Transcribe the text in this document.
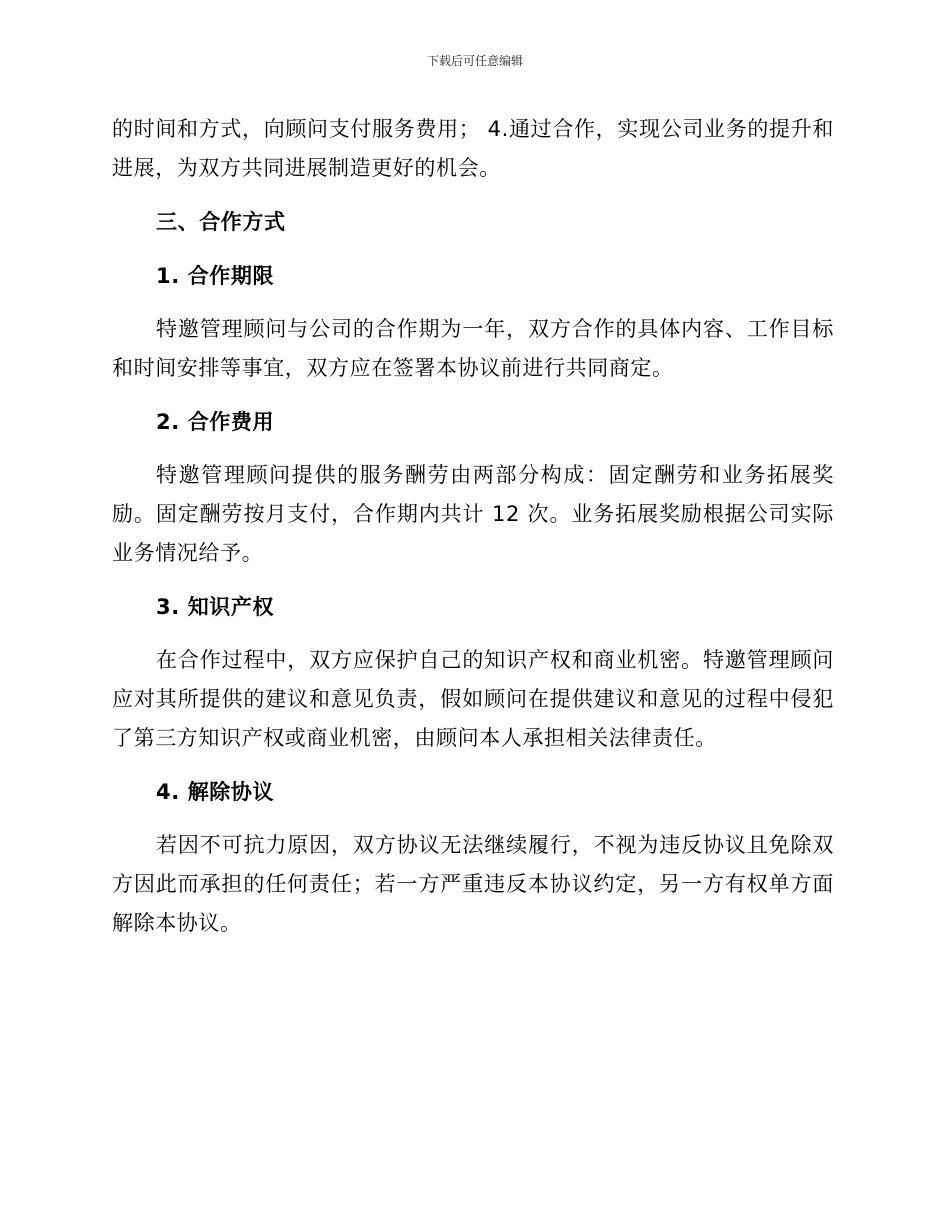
下载后可任意编辑

的时间和方式，向顾问支付服务费用； 4.通过合作，实现公司业务的提升和进展，为双方共同进展制造更好的机会。

三、合作方式
1. 合作期限

特邀管理顾问与公司的合作期为一年，双方合作的具体内容、工作目标和时间安排等事宜，双方应在签署本协议前进行共同商定。

2. 合作费用

特邀管理顾问提供的服务酬劳由两部分构成：固定酬劳和业务拓展奖励。固定酬劳按月支付，合作期内共计 12 次。业务拓展奖励根据公司实际业务情况给予。

3. 知识产权

在合作过程中，双方应保护自己的知识产权和商业机密。特邀管理顾问应对其所提供的建议和意见负责，假如顾问在提供建议和意见的过程中侵犯了第三方知识产权或商业机密，由顾问本人承担相关法律责任。

4. 解除协议

若因不可抗力原因，双方协议无法继续履行，不视为违反协议且免除双方因此而承担的任何责任；若一方严重违反本协议约定，另一方有权单方面解除本协议。
